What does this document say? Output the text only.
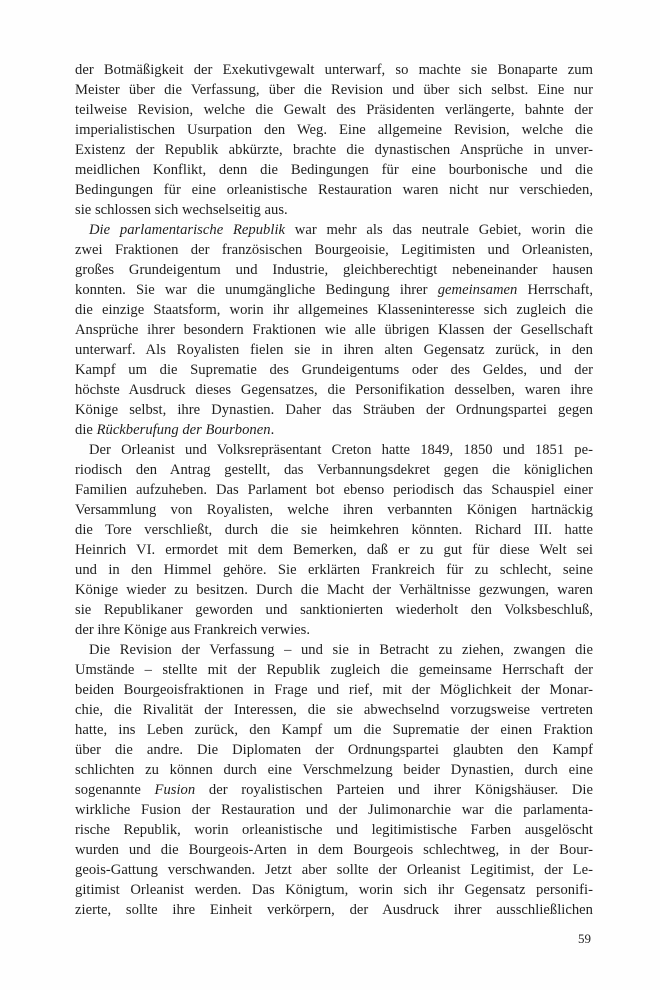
der Botmäßigkeit der Exekutivgewalt unterwarf, so machte sie Bonaparte zum
Meister über die Verfassung, über die Revision und über sich selbst. Eine nur
teilweise Revision, welche die Gewalt des Präsidenten verlängerte, bahnte der
imperialistischen Usurpation den Weg. Eine allgemeine Revision, welche die
Existenz der Republik abkürzte, brachte die dynastischen Ansprüche in unver-
meidlichen Konflikt, denn die Bedingungen für eine bourbonische und die
Bedingungen für eine orleanistische Restauration waren nicht nur verschieden,
sie schlossen sich wechselseitig aus.
Die parlamentarische Republik war mehr als das neutrale Gebiet, worin die
zwei Fraktionen der französischen Bourgeoisie, Legitimisten und Orleanisten,
großes Grundeigentum und Industrie, gleichberechtigt nebeneinander hausen
konnten. Sie war die unumgängliche Bedingung ihrer gemeinsamen Herrschaft,
die einzige Staatsform, worin ihr allgemeines Klasseninteresse sich zugleich die
Ansprüche ihrer besondern Fraktionen wie alle übrigen Klassen der Gesellschaft
unterwarf. Als Royalisten fielen sie in ihren alten Gegensatz zurück, in den
Kampf um die Suprematie des Grundeigentums oder des Geldes, und der
höchste Ausdruck dieses Gegensatzes, die Personifikation desselben, waren ihre
Könige selbst, ihre Dynastien. Daher das Sträuben der Ordnungspartei gegen
die Rückberufung der Bourbonen.
Der Orleanist und Volksrepräsentant Creton hatte 1849, 1850 und 1851 pe-
riodisch den Antrag gestellt, das Verbannungsdekret gegen die königlichen
Familien aufzuheben. Das Parlament bot ebenso periodisch das Schauspiel einer
Versammlung von Royalisten, welche ihren verbannten Königen hartnäckig
die Tore verschließt, durch die sie heimkehren könnten. Richard III. hatte
Heinrich VI. ermordet mit dem Bemerken, daß er zu gut für diese Welt sei
und in den Himmel gehöre. Sie erklärten Frankreich für zu schlecht, seine
Könige wieder zu besitzen. Durch die Macht der Verhältnisse gezwungen, waren
sie Republikaner geworden und sanktionierten wiederholt den Volksbeschluß,
der ihre Könige aus Frankreich verwies.
Die Revision der Verfassung – und sie in Betracht zu ziehen, zwangen die
Umstände – stellte mit der Republik zugleich die gemeinsame Herrschaft der
beiden Bourgeoisfraktionen in Frage und rief, mit der Möglichkeit der Monar-
chie, die Rivalität der Interessen, die sie abwechselnd vorzugsweise vertreten
hatte, ins Leben zurück, den Kampf um die Suprematie der einen Fraktion
über die andre. Die Diplomaten der Ordnungspartei glaubten den Kampf
schlichten zu können durch eine Verschmelzung beider Dynastien, durch eine
sogenannte Fusion der royalistischen Parteien und ihrer Königshäuser. Die
wirkliche Fusion der Restauration und der Julimonarchie war die parlamenta-
rische Republik, worin orleanistische und legitimistische Farben ausgelöscht
wurden und die Bourgeois-Arten in dem Bourgeois schlechtweg, in der Bour-
geois-Gattung verschwanden. Jetzt aber sollte der Orleanist Legitimist, der Le-
gitimist Orleanist werden. Das Königtum, worin sich ihr Gegensatz personifi-
zierte, sollte ihre Einheit verkörpern, der Ausdruck ihrer ausschließlichen
59
